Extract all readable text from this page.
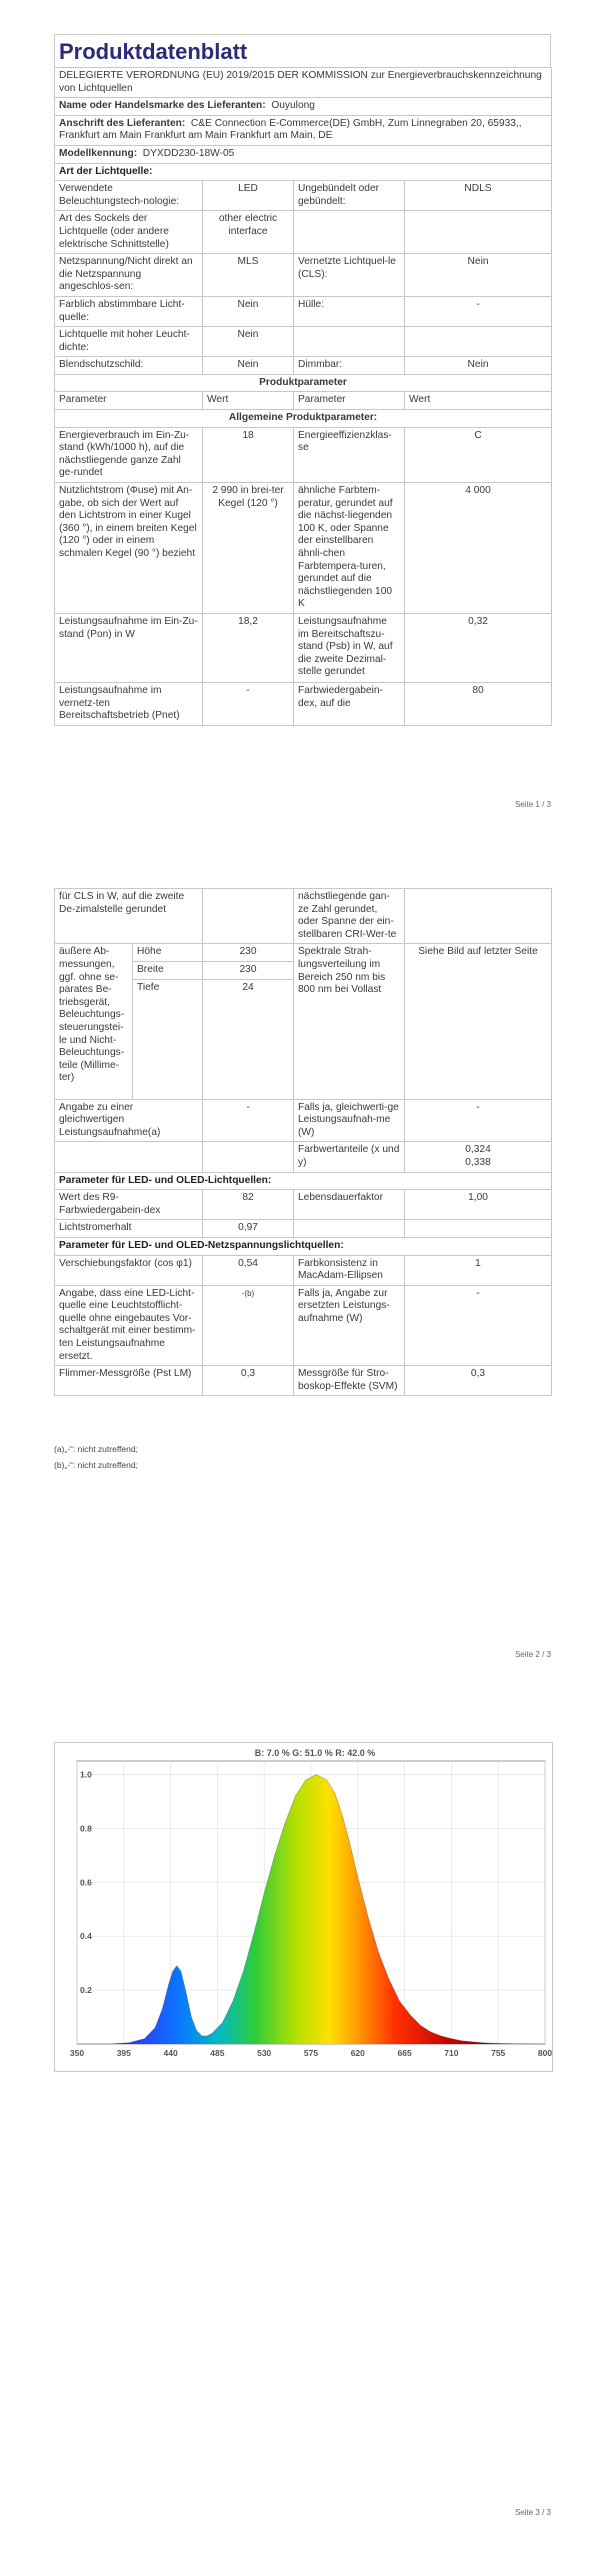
Produktdatenblatt
DELEGIERTE VERORDNUNG (EU) 2019/2015 DER KOMMISSION zur Energieverbrauchskennzeichnung von Lichtquellen			
Name oder Handelsmarke des Lieferanten: Ouyulong			
Anschrift des Lieferanten: C&E Connection E-Commerce(DE) GmbH, Zum Linnegraben 20, 65933,, Frankfurt am Main Frankfurt am Main Frankfurt am Main, DE			
Modellkennung: DYXDD230-18W-05			
Art der Lichtquelle:			
Verwendete Beleuchtungstech-nologie:	LED	Ungebündelt oder gebündelt:	NDLS
Art des Sockels der Lichtquelle (oder andere elektrische Schnittstelle)	other electric interface		
Netzspannung/Nicht direkt an die Netzspannung angeschlos-sen:	MLS	Vernetzte Lichtquel-le (CLS):	Nein
Farblich abstimmbare Licht-quelle:	Nein	Hülle:	-
Lichtquelle mit hoher Leucht-dichte:	Nein		
Blendschutzschild:	Nein	Dimmbar:	Nein
Produktparameter			
Parameter	Wert	Parameter	Wert
Allgemeine Produktparameter:			
Energieverbrauch im Ein-Zu-stand (kWh/1000 h), auf die nächstliegende ganze Zahl ge-rundet	18	Energieeffizienzklas-se	C
Nutzlichtstrom (Φuse) mit An-gabe, ob sich der Wert auf den Lichtstrom in einer Kugel (360 °), in einem breiten Kegel (120 °) oder in einem schmalen Kegel (90 °) bezieht	2 990 in brei-ter Kegel (120 °)	ähnliche Farbtem-peratur, gerundet auf die nächst-liegenden 100 K, oder Spanne der einstellbaren ähnli-chen Farbtempera-turen, gerundet auf die nächstliegenden 100 K	4 000
Leistungsaufnahme im Ein-Zu-stand (Pon) in W	18,2	Leistungsaufnahme im Bereitschaftszu-stand (Psb) in W, auf die zweite Dezimal-stelle gerundet	0,32
Leistungsaufnahme im vernetz-ten Bereitschaftsbetrieb (Pnet)	-	Farbwiedergabein-dex, auf die	80
Seite 1 / 3
für CLS in W, auf die zweite De-zimalstelle gerundet			nächstliegende gan-ze Zahl gerundet, oder Spanne der ein-stellbaren CRI-Wer-te	
äußere Ab-messungen, ggf. ohne se-parates Be-triebsgerät, Beleuchtungs-steuerungstei-le und Nicht-Beleuchtungs-teile (Millime-ter)	Höhe	230	Spektrale Strah-lungsverteilung im Bereich 250 nm bis 800 nm bei Vollast	Siehe Bild auf letzter Seite
	Breite	230		
	Tiefe	24		
Angabe zu einer gleichwertigen Leistungsaufnahme(a)		-	Falls ja, gleichwerti-ge Leistungsaufnah-me (W)	-
			Farbwertanteile (x und y)	0,324
0,338
Parameter für LED- und OLED-Lichtquellen:				
Wert des R9-Farbwiedergabein-dex		82	Lebensdauerfaktor	1,00
Lichtstromerhalt		0,97		
Parameter für LED- und OLED-Netzspannungslichtquellen:				
Verschiebungsfaktor (cos φ1)		0,54	Farbkonsistenz in MacAdam-Ellipsen	1
Angabe, dass eine LED-Licht-quelle eine Leuchtstofflicht-quelle ohne eingebautes Vor-schaltgerät mit einer bestimm-ten Leistungsaufnahme ersetzt.		-(b)	Falls ja, Angabe zur ersetzten Leistungs-aufnahme (W)	-
Flimmer-Messgröße (Pst LM)		0,3	Messgröße für Stro-boskop-Effekte (SVM)	0,3
(a)„-“: nicht zutreffend;
(b)„-“: nicht zutreffend;
Seite 2 / 3
B: 7.0 % G: 51.0 % R: 42.0 %
350	395	440	485	530	575	620	665	710	755	800
0.2
0.4
0.6
0.8
1.0
Seite 3 / 3
